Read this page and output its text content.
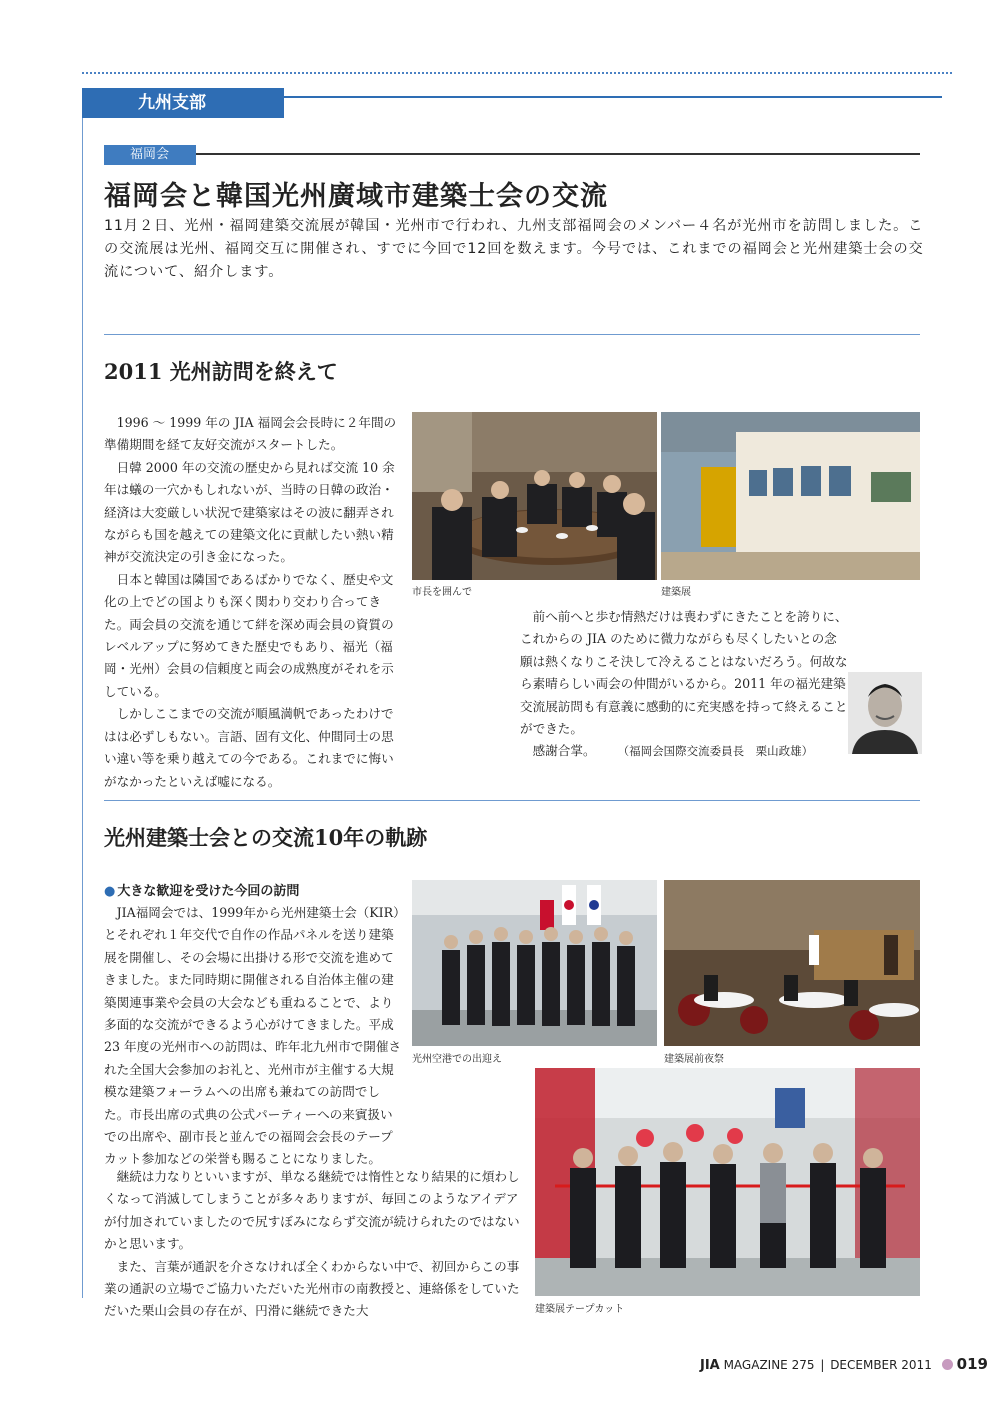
九州支部
福岡会
福岡会と韓国光州廣域市建築士会の交流
11月２日、光州・福岡建築交流展が韓国・光州市で行われ、九州支部福岡会のメンバー４名が光州市を訪問しました。この交流展は光州、福岡交互に開催され、すでに今回で12回を数えます。今号では、これまでの福岡会と光州建築士会の交流について、紹介します。
2011 光州訪問を終えて

1996 ～ 1999 年の JIA 福岡会会長時に２年間の準備期間を経て友好交流がスタートした。

日韓 2000 年の交流の歴史から見れば交流 10 余年は蟻の一穴かもしれないが、当時の日韓の政治・経済は大変厳しい状況で建築家はその波に翻弄されながらも国を越えての建築文化に貢献したい熱い精神が交流決定の引き金になった。

日本と韓国は隣国であるばかりでなく、歴史や文化の上でどの国よりも深く関わり交わり合ってきた。両会員の交流を通じて絆を深め両会員の資質のレベルアップに努めてきた歴史でもあり、福光（福岡・光州）会員の信頼度と両会の成熟度がそれを示している。

しかしここまでの交流が順風満帆であったわけではは必ずしもない。言語、固有文化、仲間同士の思い違い等を乗り越えての今である。これまでに悔いがなかったといえば嘘になる。

市長を囲んで	建築展

前へ前へと歩む情熱だけは喪わずにきたことを誇りに、これからの JIA のために微力ながらも尽くしたいとの念願は熱くなりこそ決して冷えることはないだろう。何故なら素晴らしい両会の仲間がいるから。2011 年の福光建築交流展訪問も有意義に感動的に充実感を持って終えることができた。

感謝合掌。 （福岡会国際交流委員長　栗山政雄）

光州建築士会との交流10年の軌跡
● 大きな歓迎を受けた今回の訪問

JIA福岡会では、1999年から光州建築士会（KIR）とそれぞれ１年交代で自作の作品パネルを送り建築展を開催し、その会場に出掛ける形で交流を進めてきました。また同時期に開催される自治体主催の建築関連事業や会員の大会なども重ねることで、より多面的な交流ができるよう心がけてきました。平成 23 年度の光州市への訪問は、昨年北九州市で開催された全国大会参加のお礼と、光州市が主催する大規模な建築フォーラムへの出席も兼ねての訪問でした。市長出席の式典の公式パーティーへの来賓扱いでの出席や、副市長と並んでの福岡会会長のテープカット参加などの栄誉も賜ることになりました。

光州空港での出迎え	建築展前夜祭
建築展テープカット

継続は力なりといいますが、単なる継続では惰性となり結果的に煩わしくなって消滅してしまうことが多々ありますが、毎回このようなアイデアが付加されていましたので尻すぼみにならず交流が続けられたのではないかと思います。

また、言葉が通訳を介さなければ全くわからない中で、初回からこの事業の通訳の立場でご協力いただいた光州市の南教授と、連絡係をしていただいた栗山会員の存在が、円滑に継続できた大

JIA MAGAZINE 275 | DECEMBER 2011 019
